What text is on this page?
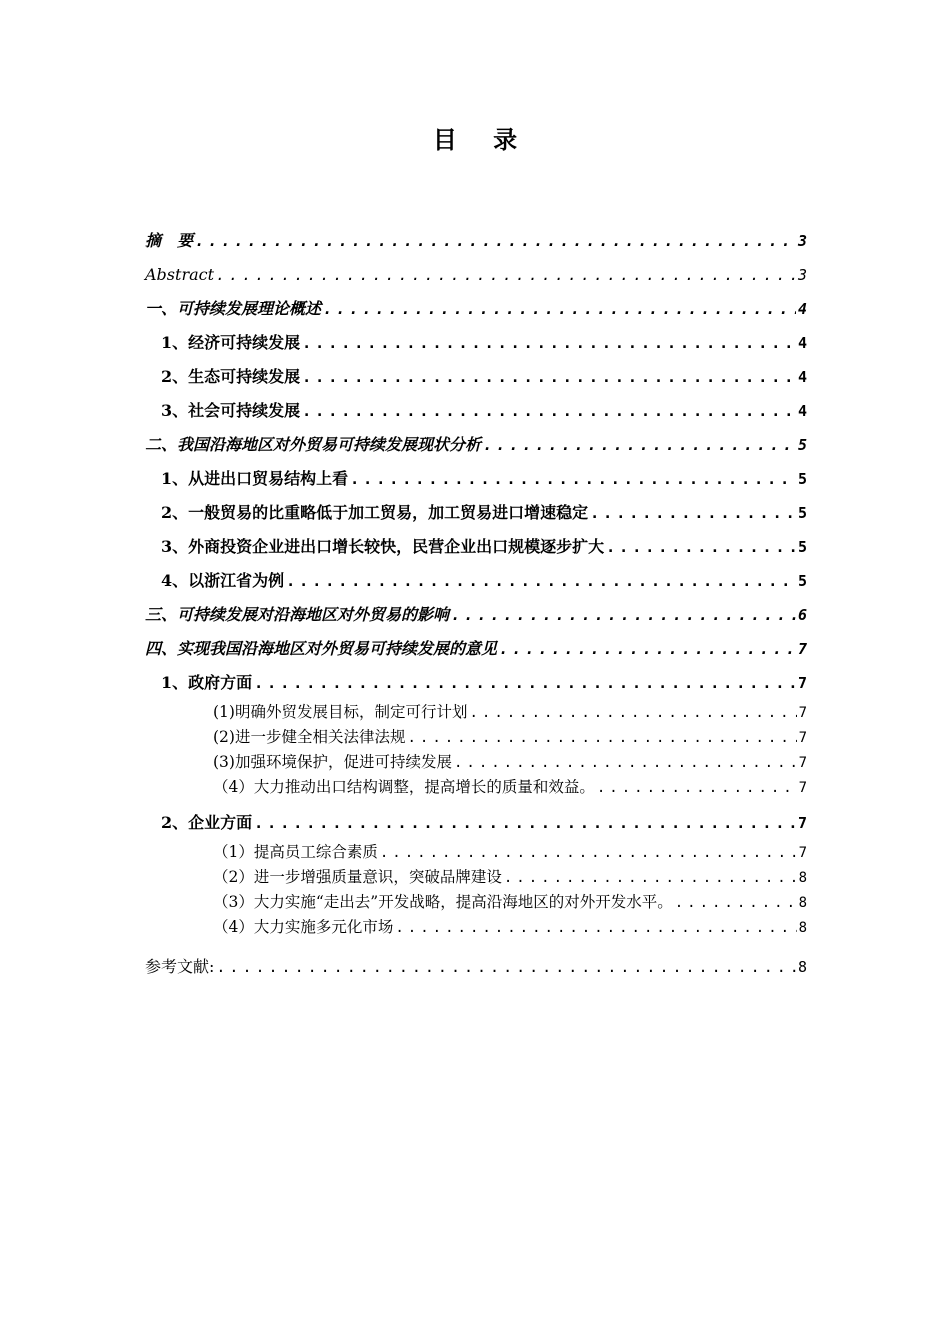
目 录
摘　要 .....	3
Abstract .....	3
一、可持续发展理论概述 .....	4
1、经济可持续发展 .....	4
2、生态可持续发展 .....	4
3、社会可持续发展 .....	4
二、我国沿海地区对外贸易可持续发展现状分析 .....	5
1、从进出口贸易结构上看 .....	5
2、一般贸易的比重略低于加工贸易，加工贸易进口增速稳定 .....	5
3、外商投资企业进出口增长较快，民营企业出口规模逐步扩大 .....	5
4、以浙江省为例 .....	5
三、可持续发展对沿海地区对外贸易的影响 .....	6
四、实现我国沿海地区对外贸易可持续发展的意见 .....	7
1、政府方面 .....	7
(1)明确外贸发展目标，制定可行计划 .....	7
(2)进一步健全相关法律法规 .....	7
(3)加强环境保护，促进可持续发展 .....	7
（4）大力推动出口结构调整，提高增长的质量和效益。 .....	7
2、企业方面 .....	7
（1）提高员工综合素质 .....	7
（2）进一步增强质量意识，突破品牌建设 .....	8
（3）大力实施“走出去”开发战略，提高沿海地区的对外开发水平。 .....	8
（4）大力实施多元化市场 .....	8
参考文献: .....	8
